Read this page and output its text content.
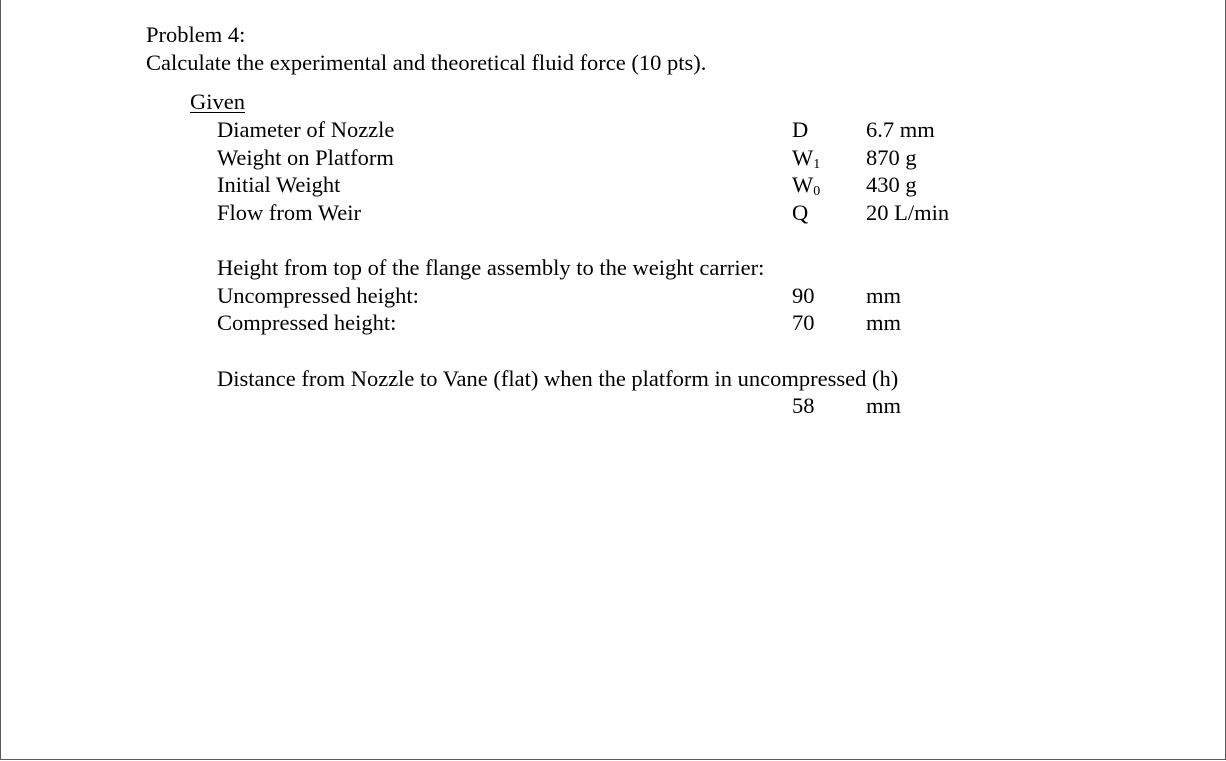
Problem 4:
Calculate the experimental and theoretical fluid force (10 pts).
Given
Diameter of Nozzle	D	6.7 mm
Weight on Platform	$W_1$ 870 g
Initial Weight	$W_0$ 430 g
Flow from Weir	Q	20 L/min
Height from top of the flange assembly to the weight carrier:
Uncompressed height:	90 mm
Compressed height:	70 mm
Distance from Nozzle to Vane (flat) when the platform in uncompressed (h)
58 mm
